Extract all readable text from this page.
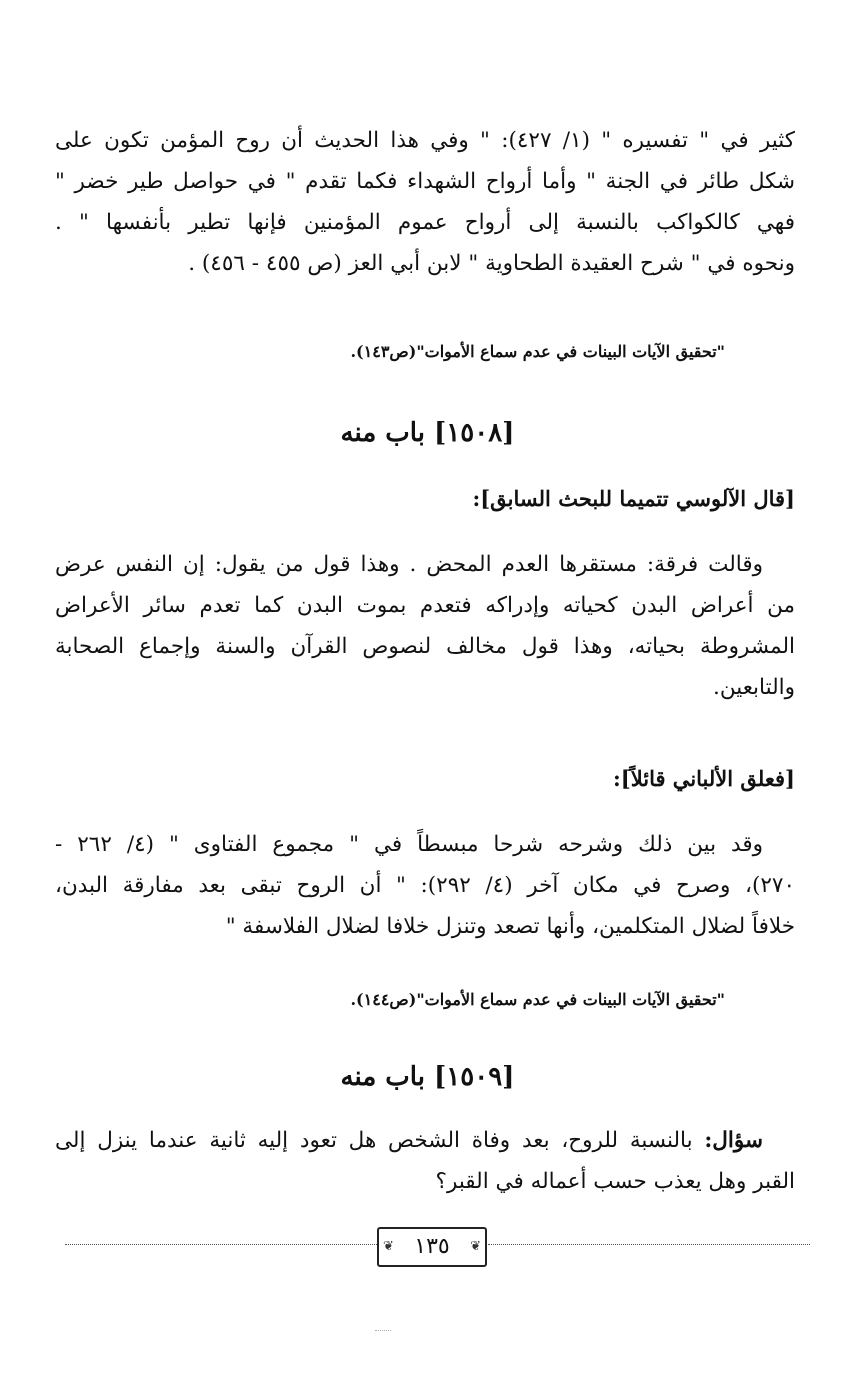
كثير في " تفسيره " (١/ ٤٢٧): " وفي هذا الحديث أن روح المؤمن تكون على
شكل طائر في الجنة " وأما أرواح الشهداء فكما تقدم " في حواصل طير خضر "
فهي كالكواكب بالنسبة إلى أرواح عموم المؤمنين فإنها تطير بأنفسها " .
ونحوه في " شرح العقيدة الطحاوية " لابن أبي العز (ص ٤٥٥ - ٤٥٦) .
"تحقيق الآيات البينات في عدم سماع الأموات"(ص١٤٣).
[١٥٠٨] باب منه
[قال الآلوسي تتميما للبحث السابق]:
وقالت فرقة: مستقرها العدم المحض . وهذا قول من يقول: إن النفس عرض
من أعراض البدن كحياته وإدراكه فتعدم بموت البدن كما تعدم سائر الأعراض
المشروطة بحياته، وهذا قول مخالف لنصوص القرآن والسنة وإجماع الصحابة
والتابعين.
[فعلق الألباني قائلاً]:
وقد بين ذلك وشرحه شرحا مبسطاً في " مجموع الفتاوى " (٤/ ٢٦٢ -
٢٧٠)، وصرح في مكان آخر (٤/ ٢٩٢): " أن الروح تبقى بعد مفارقة البدن،
خلافاً لضلال المتكلمين، وأنها تصعد وتنزل خلافا لضلال الفلاسفة "
"تحقيق الآيات البينات في عدم سماع الأموات"(ص١٤٤).
[١٥٠٩] باب منه
سؤال: بالنسبة للروح، بعد وفاة الشخص هل تعود إليه ثانية عندما ينزل إلى
القبر وهل يعذب حسب أعماله في القبر؟
❦ ١٣٥ ❦
